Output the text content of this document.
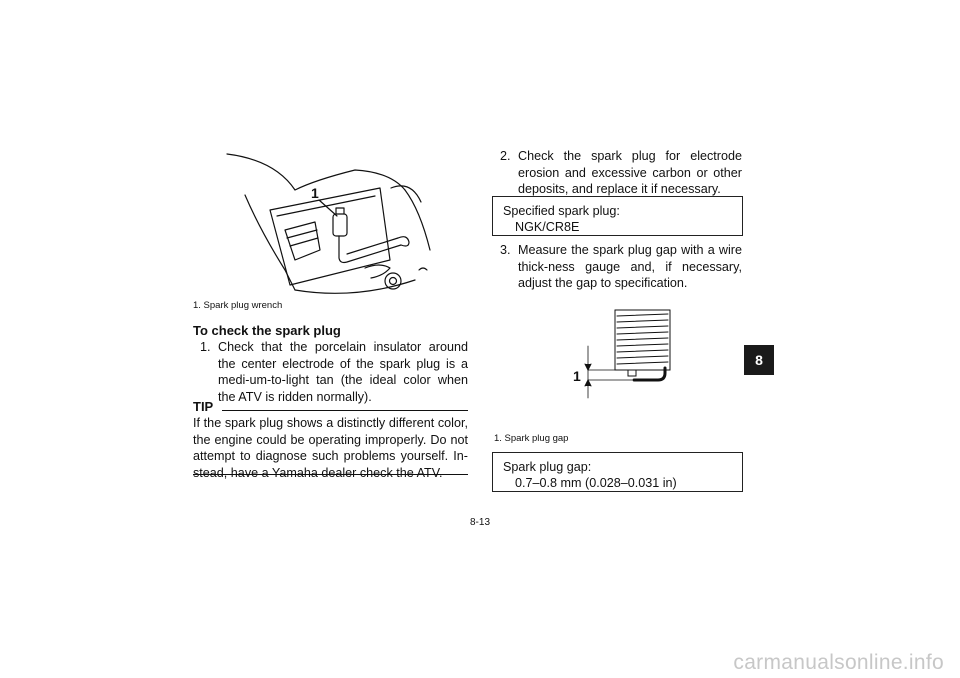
1
1. Spark plug wrench
To check the spark plug
1. Check that the porcelain insulator around the center electrode of the spark plug is a medi-um-to-light tan (the ideal color when the ATV is ridden normally).
TIP
If the spark plug shows a distinctly different color, the engine could be operating improperly. Do not attempt to diagnose such problems yourself. In-stead, have a Yamaha dealer check the ATV.
2. Check the spark plug for electrode erosion and excessive carbon or other deposits, and replace it if necessary.
Specified spark plug:
NGK/CR8E
3. Measure the spark plug gap with a wire thick-ness gauge and, if necessary, adjust the gap to specification.
1
1. Spark plug gap
Spark plug gap:
0.7–0.8 mm (0.028–0.031 in)
8
8-13
carmanualsonline.info
